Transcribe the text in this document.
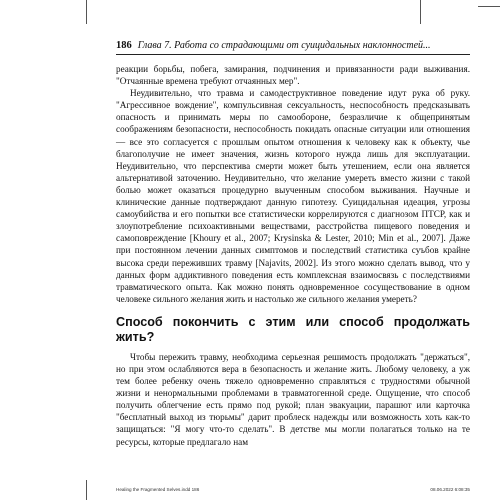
186 Глава 7. Работа со страдающими от суицидальных наклонностей...

реакции борьбы, побега, замирания, подчинения и привязанности ради выживания. "Отчаянные времена требуют отчаянных мер".

Неудивительно, что травма и самодеструктивное поведение идут рука об руку. "Агрессивное вождение", компульсивная сексуальность, неспособность предсказывать опасность и принимать меры по самообороне, безразличие к общепринятым соображениям безопасности, неспособность покидать опасные ситуации или отношения — все это согласуется с прошлым опытом отношения к человеку как к объекту, чье благополучие не имеет значения, жизнь которого нужда лишь для эксплуатации. Неудивительно, что перспектива смерти может быть утешением, если она является альтернативой заточению. Неудивительно, что желание умереть вместо жизни с такой болью может оказаться процедурно выученным способом выживания. Научные и клинические данные подтверждают данную гипотезу. Суицидальная идеация, угрозы самоубийства и его попытки все статистически коррелируются с диагнозом ПТСР, как и злоупотребление психоактивными веществами, расстройства пищевого поведения и самоповреждение [Khoury et al., 2007; Krysinska & Lester, 2010; Min et al., 2007]. Даже при постоянном лечении данных симптомов и последствий статистика суъбов крайне высока среди переживших травму [Najavits, 2002]. Из этого можно сделать вывод, что у данных форм аддиктивного поведения есть комплексная взаимосвязь с последствиями травматического опыта. Как можно понять одновременное сосуществование в одном человеке сильного желания жить и настолько же сильного желания умереть?

Способ покончить с этим или способ продолжать жить?

Чтобы пережить травму, необходима серьезная решимость продолжать "держаться", но при этом ослабляются вера в безопасность и желание жить. Любому человеку, а уж тем более ребенку очень тяжело одновременно справляться с трудностями обычной жизни и ненормальными проблемами в травматогенной среде. Ощущение, что способ получить облегчение есть прямо под рукой; план эвакуации, парашют или карточка "бесплатный выход из тюрьмы" дарит проблеск надежды или возможность хоть как-то защищаться: "Я могу что-то сделать". В детстве мы могли полагаться только на те ресурсы, которые предлагало нам

Healing the Fragmented Selves.indd 186	08.06.2022 6:08:35
